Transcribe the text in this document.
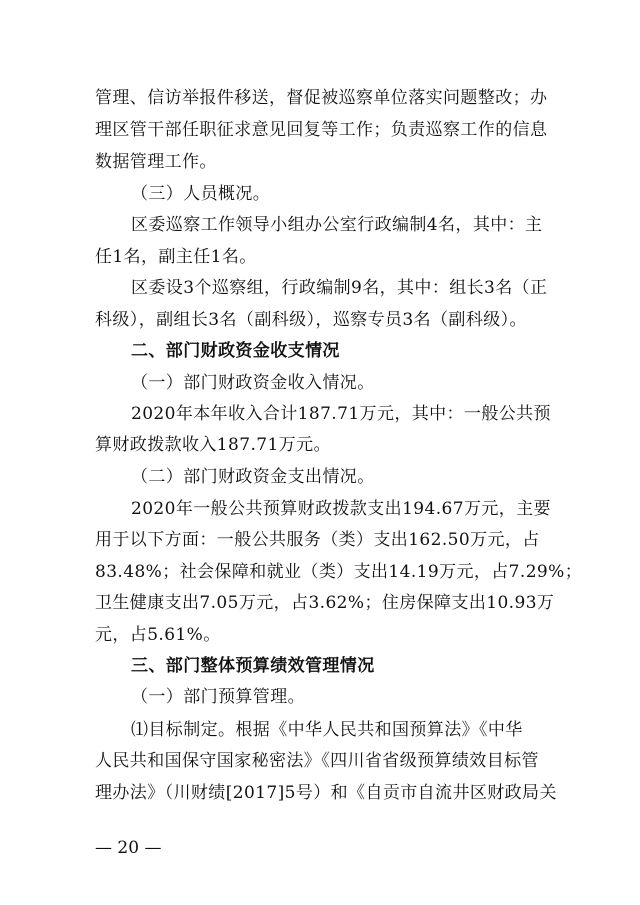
管理、信访举报件移送，督促被巡察单位落实问题整改；办
理区管干部任职征求意见回复等工作；负责巡察工作的信息
数据管理工作。
（三）人员概况。
区委巡察工作领导小组办公室行政编制4名，其中：主
任1名，副主任1名。
区委设3个巡察组，行政编制9名，其中：组长3名（正
科级），副组长3名（副科级），巡察专员3名（副科级）。
二、部门财政资金收支情况
（一）部门财政资金收入情况。
2020年本年收入合计187.71万元，其中：一般公共预
算财政拨款收入187.71万元。
（二）部门财政资金支出情况。
2020年一般公共预算财政拨款支出194.67万元，主要
用于以下方面：一般公共服务（类）支出162.50万元，占
83.48%；社会保障和就业（类）支出14.19万元，占7.29%；
卫生健康支出7.05万元，占3.62%；住房保障支出10.93万
元，占5.61%。
三、部门整体预算绩效管理情况
（一）部门预算管理。
⑴目标制定。根据《中华人民共和国预算法》《中华
人民共和国保守国家秘密法》《四川省省级预算绩效目标管
理办法》（川财绩[2017]5号）和《自贡市自流井区财政局关
— 20 —
